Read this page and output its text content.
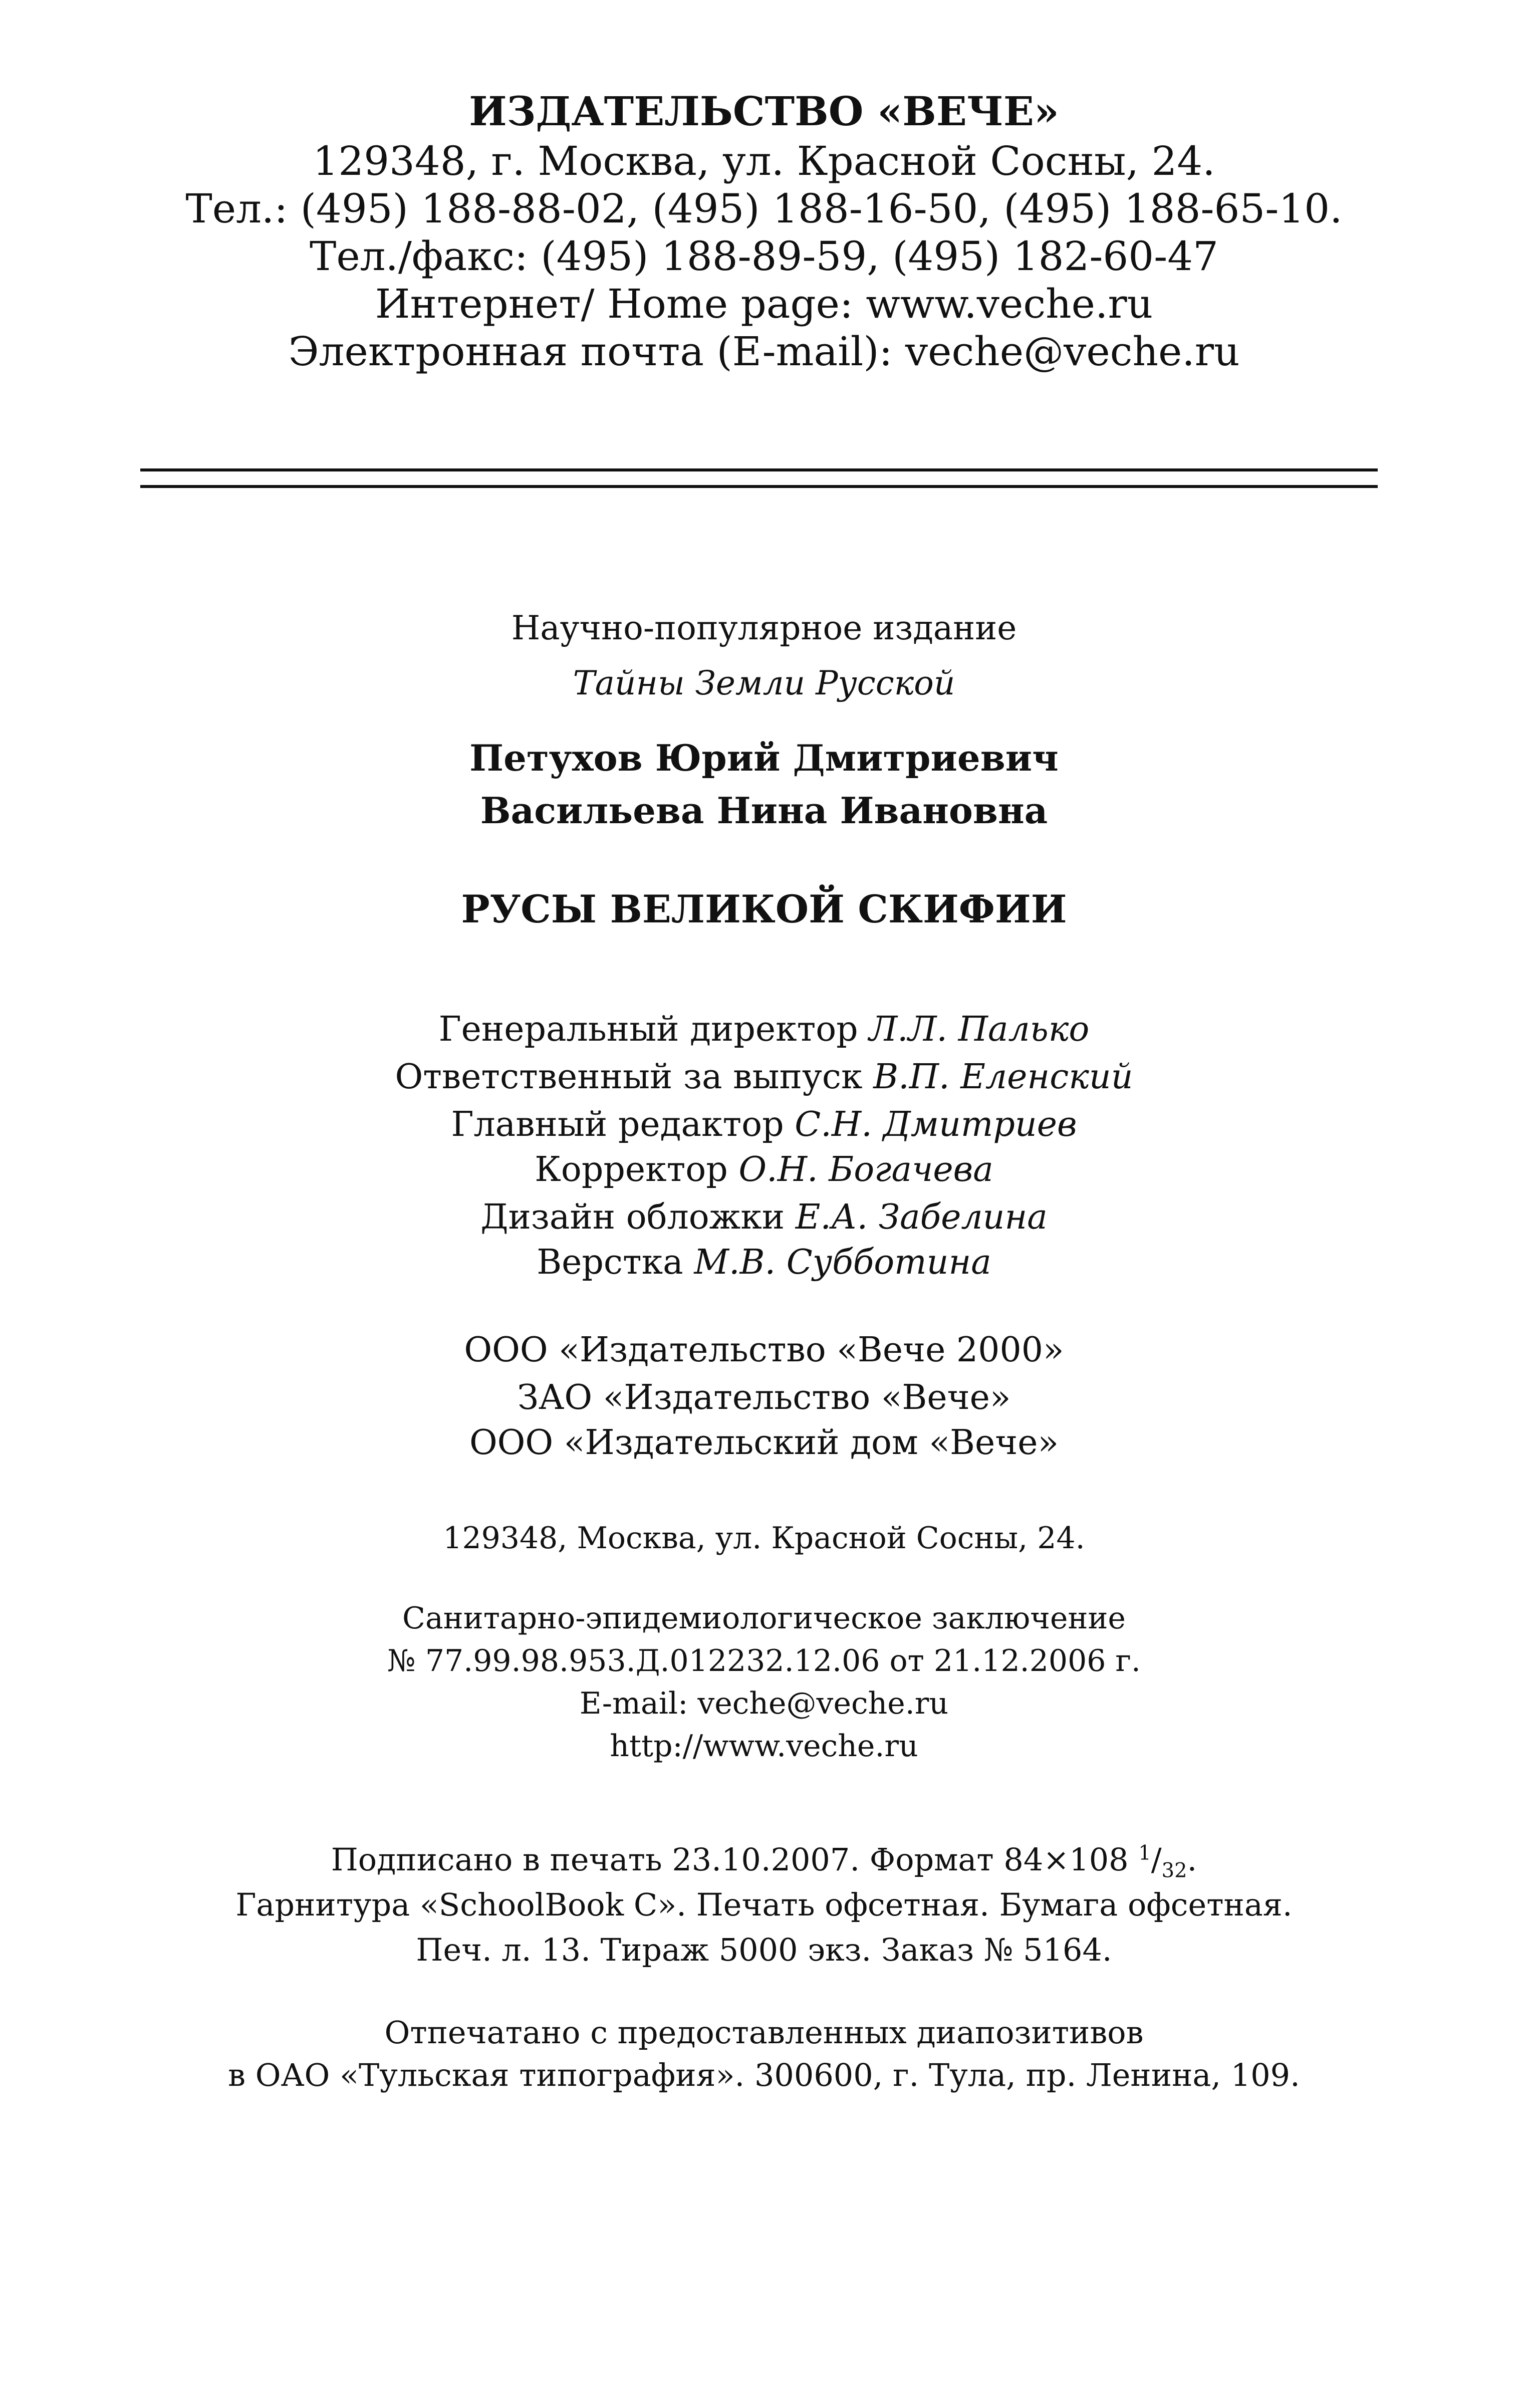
ИЗДАТЕЛЬСТВО «ВЕЧЕ»
129348, г. Москва, ул. Красной Сосны, 24.
Тел.: (495) 188-88-02, (495) 188-16-50, (495) 188-65-10.
Тел./факс: (495) 188-89-59, (495) 182-60-47
Интернет/ Home page: www.veche.ru
Электронная почта (E-mail): veche@veche.ru
Научно-популярное издание
Тайны Земли Русской
Петухов Юрий Дмитриевич
Васильева Нина Ивановна
РУСЫ ВЕЛИКОЙ СКИФИИ
Генеральный директор Л.Л. Палько
Ответственный за выпуск В.П. Еленский
Главный редактор С.Н. Дмитриев
Корректор О.Н. Богачева
Дизайн обложки Е.А. Забелина
Верстка М.В. Субботина
ООО «Издательство «Вече 2000»
ЗАО «Издательство «Вече»
ООО «Издательский дом «Вече»
129348, Москва, ул. Красной Сосны, 24.
Санитарно-эпидемиологическое заключение
№ 77.99.98.953.Д.012232.12.06 от 21.12.2006 г.
E-mail: veche@veche.ru
http://www.veche.ru
Подписано в печать 23.10.2007. Формат 84×108 $^1/_{32}$.
Гарнитура «SchoolBook C». Печать офсетная. Бумага офсетная.
Печ. л. 13. Тираж 5000 экз. Заказ № 5164.
Отпечатано с предоставленных диапозитивов
в ОАО «Тульская типография». 300600, г. Тула, пр. Ленина, 109.
